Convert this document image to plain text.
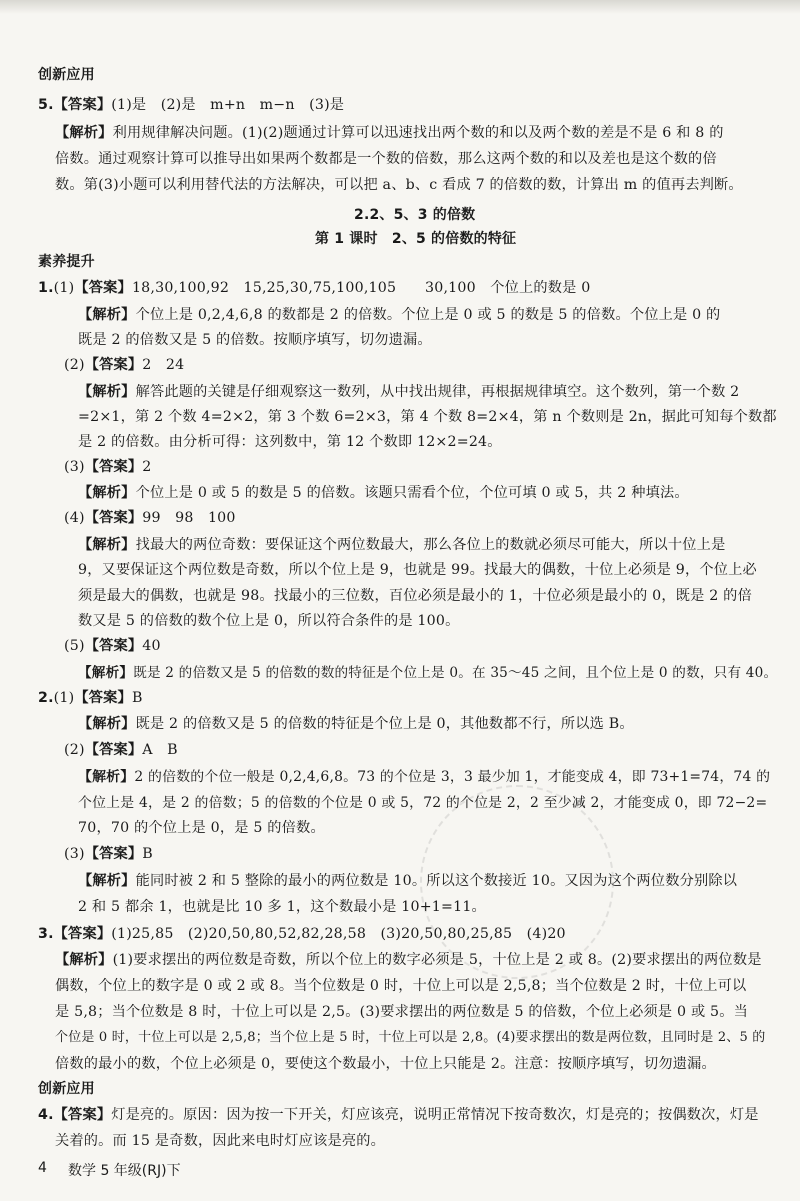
创新应用
5.【答案】(1)是　(2)是　m+n　m−n　(3)是
【解析】利用规律解决问题。(1)(2)题通过计算可以迅速找出两个数的和以及两个数的差是不是 6 和 8 的
倍数。通过观察计算可以推导出如果两个数都是一个数的倍数，那么这两个数的和以及差也是这个数的倍
数。第(3)小题可以利用替代法的方法解决，可以把 a、b、c 看成 7 的倍数的数，计算出 m 的值再去判断。
2.2、5、3 的倍数
第 1 课时　2、5 的倍数的特征
素养提升
1.(1)【答案】18,30,100,92　15,25,30,75,100,105　　30,100　个位上的数是 0
【解析】个位上是 0,2,4,6,8 的数都是 2 的倍数。个位上是 0 或 5 的数是 5 的倍数。个位上是 0 的
既是 2 的倍数又是 5 的倍数。按顺序填写，切勿遗漏。
(2)【答案】2　24
【解析】解答此题的关键是仔细观察这一数列，从中找出规律，再根据规律填空。这个数列，第一个数 2
=2×1，第 2 个数 4=2×2，第 3 个数 6=2×3，第 4 个数 8=2×4，第 n 个数则是 2n，据此可知每个数都
是 2 的倍数。由分析可得：这列数中，第 12 个数即 12×2=24。
(3)【答案】2
【解析】个位上是 0 或 5 的数是 5 的倍数。该题只需看个位，个位可填 0 或 5，共 2 种填法。
(4)【答案】99　98　100
【解析】找最大的两位奇数：要保证这个两位数最大，那么各位上的数就必须尽可能大，所以十位上是
9，又要保证这个两位数是奇数，所以个位上是 9，也就是 99。找最大的偶数，十位上必须是 9，个位上必
须是最大的偶数，也就是 98。找最小的三位数，百位必须是最小的 1，十位必须是最小的 0，既是 2 的倍
数又是 5 的倍数的数个位上是 0，所以符合条件的是 100。
(5)【答案】40
【解析】既是 2 的倍数又是 5 的倍数的数的特征是个位上是 0。在 35～45 之间，且个位上是 0 的数，只有 40。
2.(1)【答案】B
【解析】既是 2 的倍数又是 5 的倍数的特征是个位上是 0，其他数都不行，所以选 B。
(2)【答案】A　B
【解析】2 的倍数的个位一般是 0,2,4,6,8。73 的个位是 3，3 最少加 1，才能变成 4，即 73+1=74，74 的
个位上是 4，是 2 的倍数；5 的倍数的个位是 0 或 5，72 的个位是 2，2 至少减 2，才能变成 0，即 72−2=
70，70 的个位上是 0，是 5 的倍数。
(3)【答案】B
【解析】能同时被 2 和 5 整除的最小的两位数是 10。所以这个数接近 10。又因为这个两位数分别除以
2 和 5 都余 1，也就是比 10 多 1，这个数最小是 10+1=11。
3.【答案】(1)25,85　(2)20,50,80,52,82,28,58　(3)20,50,80,25,85　(4)20
【解析】(1)要求摆出的两位数是奇数，所以个位上的数字必须是 5，十位上是 2 或 8。(2)要求摆出的两位数是
偶数，个位上的数字是 0 或 2 或 8。当个位数是 0 时，十位上可以是 2,5,8；当个位数是 2 时，十位上可以
是 5,8；当个位数是 8 时，十位上可以是 2,5。(3)要求摆出的两位数是 5 的倍数，个位上必须是 0 或 5。当
个位是 0 时，十位上可以是 2,5,8；当个位上是 5 时，十位上可以是 2,8。(4)要求摆出的数是两位数，且同时是 2、5 的
倍数的最小的数，个位上必须是 0，要使这个数最小，十位上只能是 2。注意：按顺序填写，切勿遗漏。
创新应用
4.【答案】灯是亮的。原因：因为按一下开关，灯应该亮，说明正常情况下按奇数次，灯是亮的；按偶数次，灯是
关着的。而 15 是奇数，因此来电时灯应该是亮的。
4 数学 5 年级(RJ)下
